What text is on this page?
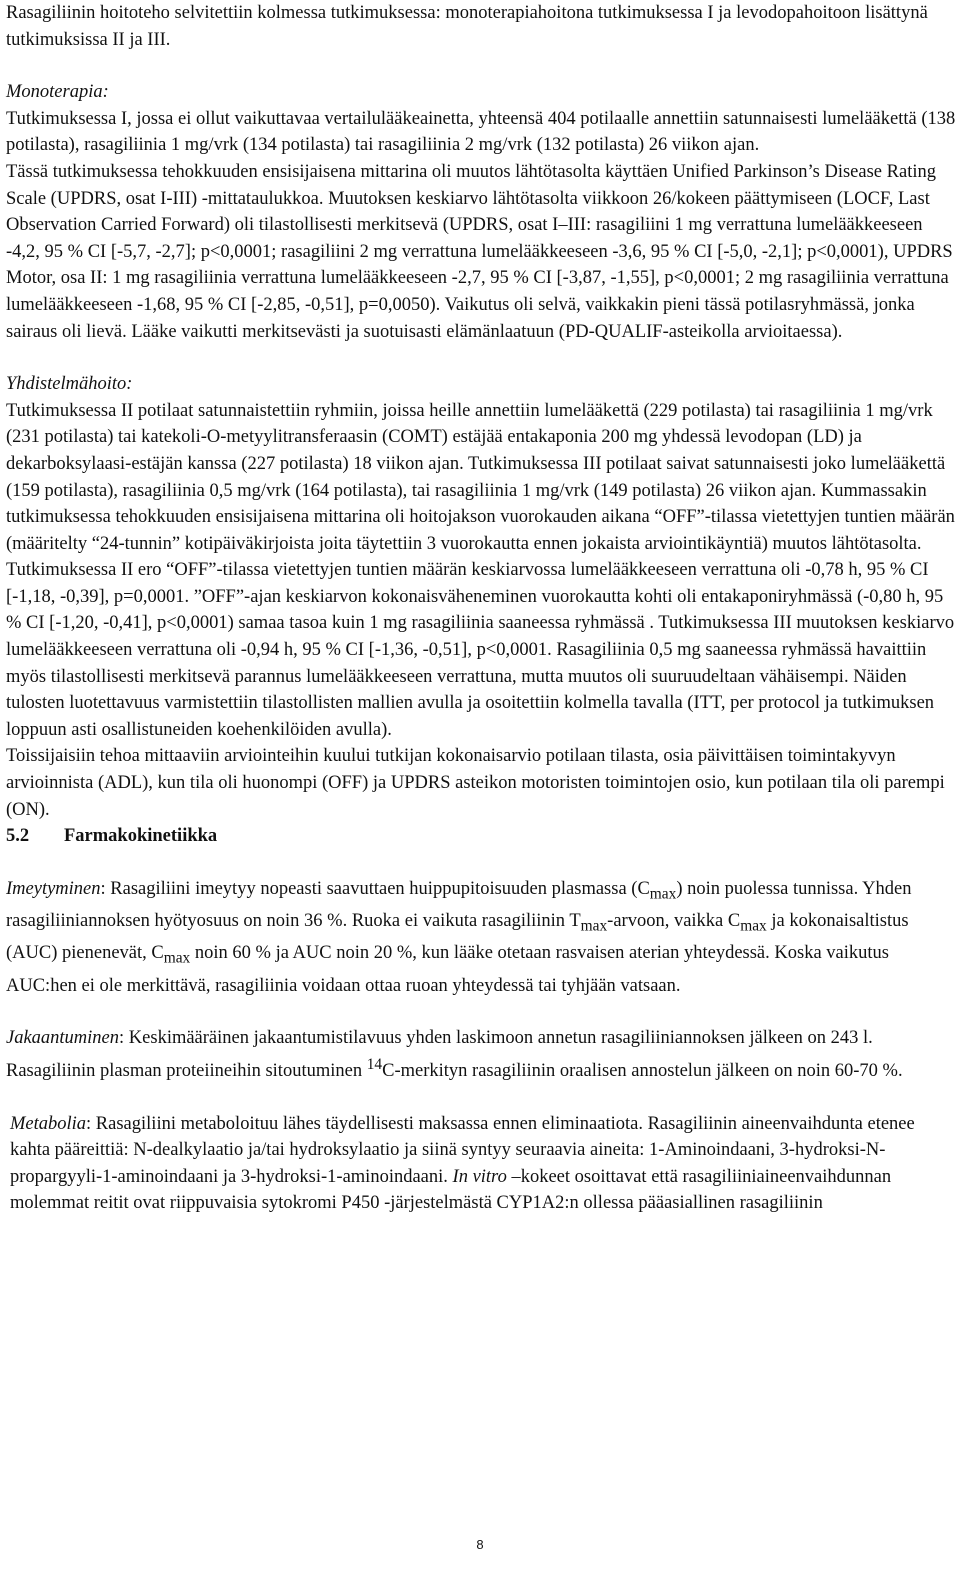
Rasagiliinin hoitoteho selvitettiin kolmessa tutkimuksessa: monoterapiahoitona tutkimuksessa I ja levodopahoitoon lisättynä tutkimuksissa II ja III.

Monoterapia:

Tutkimuksessa I, jossa ei ollut vaikuttavaa vertailulääkeainetta, yhteensä 404 potilaalle annettiin satunnaisesti lumelääkettä (138 potilasta), rasagiliinia 1 mg/vrk (134 potilasta) tai rasagiliinia 2 mg/vrk (132 potilasta) 26 viikon ajan.

Tässä tutkimuksessa tehokkuuden ensisijaisena mittarina oli muutos lähtötasolta käyttäen Unified Parkinson’s Disease Rating Scale (UPDRS, osat I-III) -mittataulukkoa. Muutoksen keskiarvo lähtötasolta viikkoon 26/kokeen päättymiseen (LOCF, Last Observation Carried Forward) oli tilastollisesti merkitsevä (UPDRS, osat I–III: rasagiliini 1 mg verrattuna lumelääkkeeseen -4,2, 95 % CI [-5,7, -2,7]; p<0,0001; rasagiliini 2 mg verrattuna lumelääkkeeseen -3,6, 95 % CI [-5,0, -2,1]; p<0,0001), UPDRS Motor, osa II: 1 mg rasagiliinia verrattuna lumelääkkeeseen -2,7, 95 % CI [-3,87, -1,55], p<0,0001; 2 mg rasagiliinia verrattuna lumelääkkeeseen -1,68, 95 % CI [-2,85, -0,51], p=0,0050). Vaikutus oli selvä, vaikkakin pieni tässä potilasryhmässä, jonka sairaus oli lievä. Lääke vaikutti merkitsevästi ja suotuisasti elämänlaatuun (PD-QUALIF-asteikolla arvioitaessa).

Yhdistelmähoito:

Tutkimuksessa II potilaat satunnaistettiin ryhmiin, joissa heille annettiin lumelääkettä (229 potilasta) tai rasagiliinia 1 mg/vrk (231 potilasta) tai katekoli-O-metyylitransferaasin (COMT) estäjää entakaponia 200 mg yhdessä levodopan (LD) ja dekarboksylaasi-estäjän kanssa (227 potilasta) 18 viikon ajan. Tutkimuksessa III potilaat saivat satunnaisesti joko lumelääkettä (159 potilasta), rasagiliinia 0,5 mg/vrk (164 potilasta), tai rasagiliinia 1 mg/vrk (149 potilasta) 26 viikon ajan. Kummassakin tutkimuksessa tehokkuuden ensisijaisena mittarina oli hoitojakson vuorokauden aikana “OFF”-tilassa vietettyjen tuntien määrän (määritelty “24-tunnin” kotipäiväkirjoista joita täytettiin 3 vuorokautta ennen jokaista arviointikäyntiä) muutos lähtötasolta.

Tutkimuksessa II ero “OFF”-tilassa vietettyjen tuntien määrän keskiarvossa lumelääkkeeseen verrattuna oli -0,78 h, 95 % CI [-1,18, -0,39], p=0,0001. ”OFF”-ajan keskiarvon kokonaisväheneminen vuorokautta kohti oli entakaponiryhmässä (-0,80 h, 95 % CI [-1,20, -0,41], p<0,0001) samaa tasoa kuin 1 mg rasagiliinia saaneessa ryhmässä . Tutkimuksessa III muutoksen keskiarvo lumelääkkeeseen verrattuna oli -0,94 h, 95 % CI [-1,36, -0,51], p<0,0001. Rasagiliinia 0,5 mg saaneessa ryhmässä havaittiin myös tilastollisesti merkitsevä parannus lumelääkkeeseen verrattuna, mutta muutos oli suuruudeltaan vähäisempi. Näiden tulosten luotettavuus varmistettiin tilastollisten mallien avulla ja osoitettiin kolmella tavalla (ITT, per protocol ja tutkimuksen loppuun asti osallistuneiden koehenkilöiden avulla).

Toissijaisiin tehoa mittaaviin arviointeihin kuului tutkijan kokonaisarvio potilaan tilasta, osia päivittäisen toimintakyvyn arvioinnista (ADL), kun tila oli huonompi (OFF) ja UPDRS asteikon motoristen toimintojen osio, kun potilaan tila oli parempi (ON).

5.2 Farmakokinetiikka

Imeytyminen: Rasagiliini imeytyy nopeasti saavuttaen huippupitoisuuden plasmassa $(C_{max})$ noin puolessa tunnissa. Yhden rasagiliiniannoksen hyötyosuus on noin 36 %. Ruoka ei vaikuta rasagiliinin $T_{max}$-arvoon, vaikka $C_{max}$ ja kokonaisaltistus (AUC) pienenevät, $C_{max}$ noin 60 % ja AUC noin 20 %, kun lääke otetaan rasvaisen aterian yhteydessä. Koska vaikutus AUC:hen ei ole merkittävä, rasagiliinia voidaan ottaa ruoan yhteydessä tai tyhjään vatsaan.

Jakaantuminen: Keskimääräinen jakaantumistilavuus yhden laskimoon annetun rasagiliiniannoksen jälkeen on 243 l. Rasagiliinin plasman proteiineihin sitoutuminen $^{14}$C-merkityn rasagiliinin oraalisen annostelun jälkeen on noin 60-70 %.

Metabolia: Rasagiliini metaboloituu lähes täydellisesti maksassa ennen eliminaatiota. Rasagiliinin aineenvaihdunta etenee kahta pääreittiä: N-dealkylaatio ja/tai hydroksylaatio ja siinä syntyy seuraavia aineita: 1-Aminoindaani, 3-hydroksi-N-propargyyli-1-aminoindaani ja 3-hydroksi-1-aminoindaani. In vitro –kokeet osoittavat että rasagiliiniaineenvaihdunnan molemmat reitit ovat riippuvaisia sytokromi P450 -järjestelmästä CYP1A2:n ollessa pääasiallinen rasagiliinin

8
